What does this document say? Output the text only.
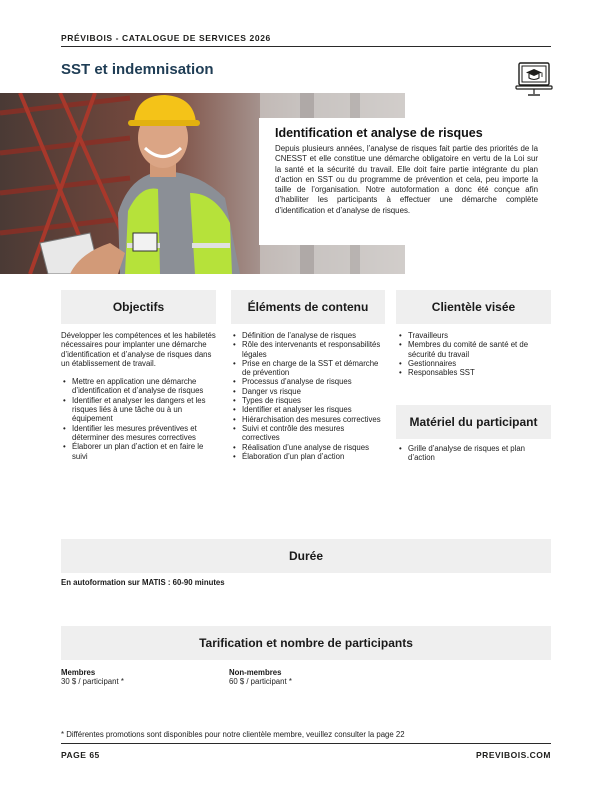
PRÉVIBOIS - CATALOGUE DE SERVICES 2026
SST et indemnisation
Identification et analyse de risques
Depuis plusieurs années, l’analyse de risques fait partie des priorités de la CNESST et elle constitue une démarche obligatoire en vertu de la Loi sur la santé et la sécurité du travail. Elle doit faire partie intégrante du plan d’action en SST ou du programme de prévention et cela, peu importe la taille de l’organisation. Notre autoformation a donc été conçue afin d’habiliter les participants à effectuer une démarche complète d’identification et d’analyse de risques.
Objectifs	Éléments de contenu	Clientèle visée

Développer les compétences et les habiletés nécessaires pour implanter une démarche d’identification et d’analyse de risques dans un établissement de travail.

• Mettre en application une démarche d’identification et d’analyse de risques
• Identifier et analyser les dangers et les risques liés à une tâche ou à un équipement
• Identifier les mesures préventives et déterminer des mesures correctives
• Élaborer un plan d’action et en faire le suivi
• Définition de l’analyse de risques
• Rôle des intervenants et responsabilités légales
• Prise en charge de la SST et démarche de prévention
• Processus d’analyse de risques
• Danger vs risque
• Types de risques
• Identifier et analyser les risques
• Hiérarchisation des mesures correctives
• Suivi et contrôle des mesures correctives
• Réalisation d’une analyse de risques
• Élaboration d’un plan d’action
• Travailleurs
• Membres du comité de santé et de sécurité du travail
• Gestionnaires
• Responsables SST
Matériel du participant
• Grille d’analyse de risques et plan d’action
Durée
En autoformation sur MATIS : 60-90 minutes
Tarification et nombre de participants
Membres
30 $ / participant *
Non-membres
60 $ / participant *
* Différentes promotions sont disponibles pour notre clientèle membre, veuillez consulter la page 22
PAGE 65	PREVIBOIS.COM
